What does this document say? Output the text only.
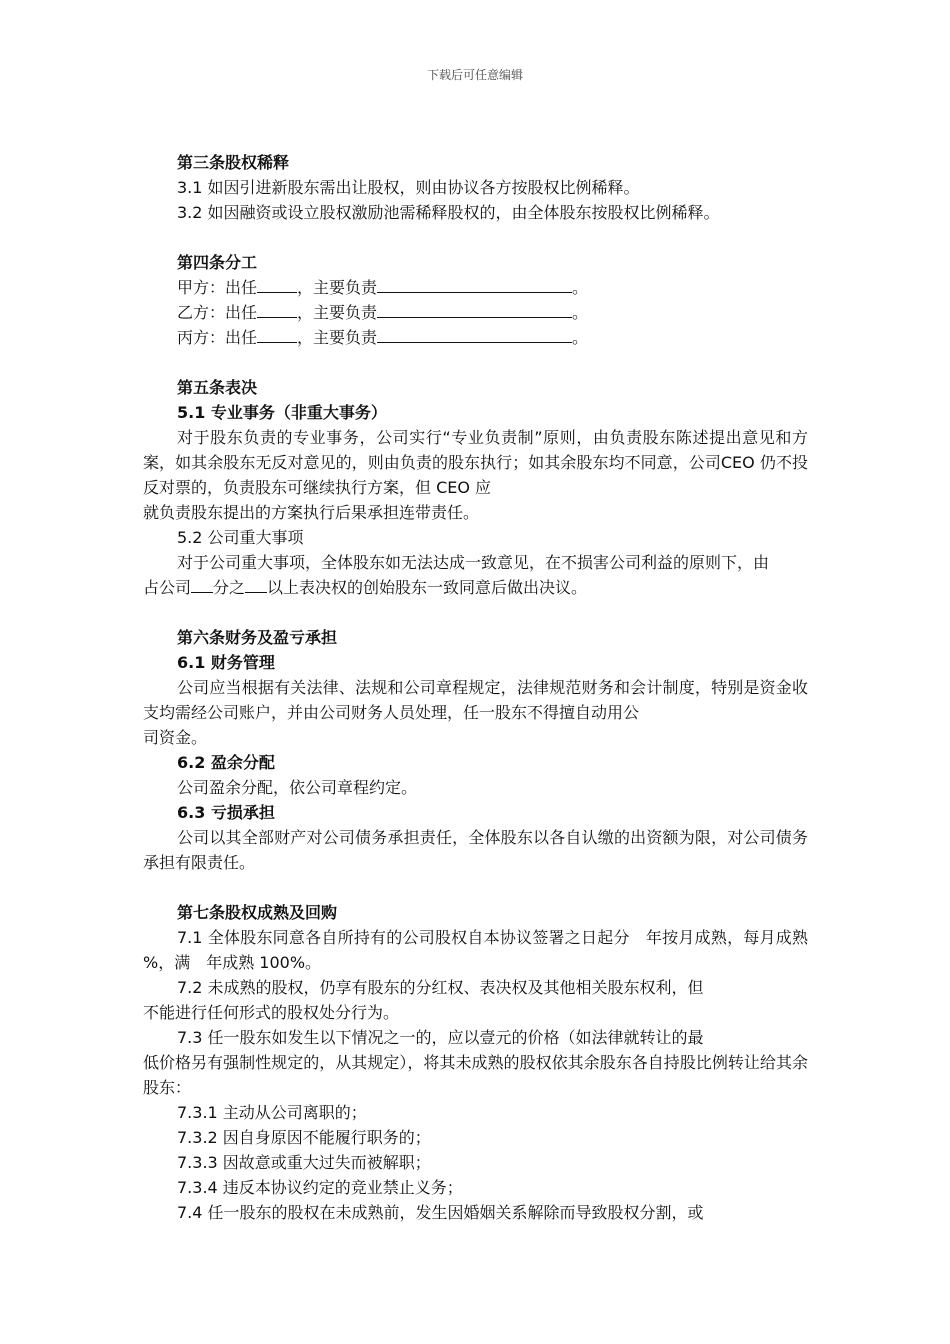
下载后可任意编辑
第三条股权稀释
3.1 如因引进新股东需出让股权，则由协议各方按股权比例稀释。
3.2 如因融资或设立股权激励池需稀释股权的，由全体股东按股权比例稀释。
第四条分工
甲方：出任	，主要负责	。
乙方：出任	，主要负责	。
丙方：出任	，主要负责	。
第五条表决
5.1 专业事务（非重大事务）
对于股东负责的专业事务，公司实行“专业负责制”原则，由负责股东陈述提出意见和方案，如其余股东无反对意见的，则由负责的股东执行；如其余股东均不同意，公司CEO 仍不投反对票的，负责股东可继续执行方案，但 CEO 应
就负责股东提出的方案执行后果承担连带责任。
5.2 公司重大事项
对于公司重大事项，全体股东如无法达成一致意见，在不损害公司利益的原则下，由
占公司 分之 以上表决权的创始股东一致同意后做出决议。
第六条财务及盈亏承担
6.1 财务管理
公司应当根据有关法律、法规和公司章程规定，法律规范财务和会计制度，特别是资金收支均需经公司账户，并由公司财务人员处理，任一股东不得擅自动用公
司资金。
6.2 盈余分配
公司盈余分配，依公司章程约定。
6.3 亏损承担
公司以其全部财产对公司债务承担责任，全体股东以各自认缴的出资额为限，对公司债务承担有限责任。
第七条股权成熟及回购
7.1 全体股东同意各自所持有的公司股权自本协议签署之日起分　年按月成熟，每月成熟　%，满　年成熟 100%。
7.2 未成熟的股权，仍享有股东的分红权、表决权及其他相关股东权利，但
不能进行任何形式的股权处分行为。
7.3 任一股东如发生以下情况之一的，应以壹元的价格（如法律就转让的最
低价格另有强制性规定的，从其规定），将其未成熟的股权依其余股东各自持股比例转让给其余股东：
7.3.1 主动从公司离职的；
7.3.2 因自身原因不能履行职务的；
7.3.3 因故意或重大过失而被解职；
7.3.4 违反本协议约定的竞业禁止义务；
7.4 任一股东的股权在未成熟前，发生因婚姻关系解除而导致股权分割，或
